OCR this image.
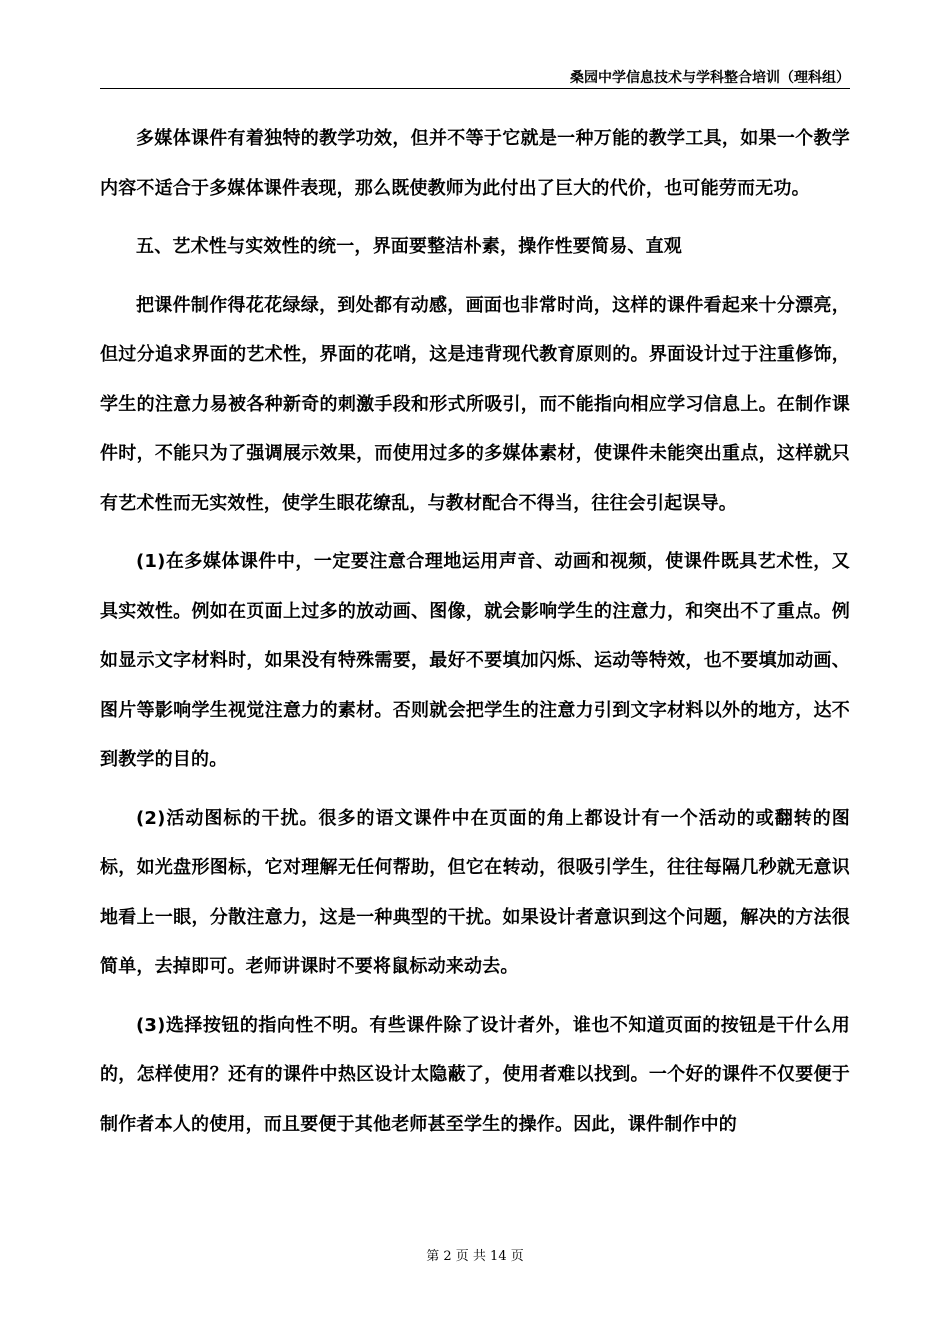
桑园中学信息技术与学科整合培训（理科组）

多媒体课件有着独特的教学功效，但并不等于它就是一种万能的教学工具，如果一个教学内容不适合于多媒体课件表现，那么既使教师为此付出了巨大的代价，也可能劳而无功。

五、艺术性与实效性的统一，界面要整洁朴素，操作性要简易、直观

把课件制作得花花绿绿，到处都有动感，画面也非常时尚，这样的课件看起来十分漂亮，但过分追求界面的艺术性，界面的花哨，这是违背现代教育原则的。界面设计过于注重修饰，学生的注意力易被各种新奇的刺激手段和形式所吸引，而不能指向相应学习信息上。在制作课件时，不能只为了强调展示效果，而使用过多的多媒体素材，使课件未能突出重点，这样就只有艺术性而无实效性，使学生眼花缭乱，与教材配合不得当，往往会引起误导。

(1)在多媒体课件中，一定要注意合理地运用声音、动画和视频，使课件既具艺术性，又具实效性。例如在页面上过多的放动画、图像，就会影响学生的注意力，和突出不了重点。例如显示文字材料时，如果没有特殊需要，最好不要填加闪烁、运动等特效，也不要填加动画、图片等影响学生视觉注意力的素材。否则就会把学生的注意力引到文字材料以外的地方，达不到教学的目的。

(2)活动图标的干扰。很多的语文课件中在页面的角上都设计有一个活动的或翻转的图标，如光盘形图标，它对理解无任何帮助，但它在转动，很吸引学生，往往每隔几秒就无意识地看上一眼，分散注意力，这是一种典型的干扰。如果设计者意识到这个问题，解决的方法很简单，去掉即可。老师讲课时不要将鼠标动来动去。

(3)选择按钮的指向性不明。有些课件除了设计者外，谁也不知道页面的按钮是干什么用的，怎样使用？还有的课件中热区设计太隐蔽了，使用者难以找到。一个好的课件不仅要便于制作者本人的使用，而且要便于其他老师甚至学生的操作。因此，课件制作中的

第 2 页 共 14 页
